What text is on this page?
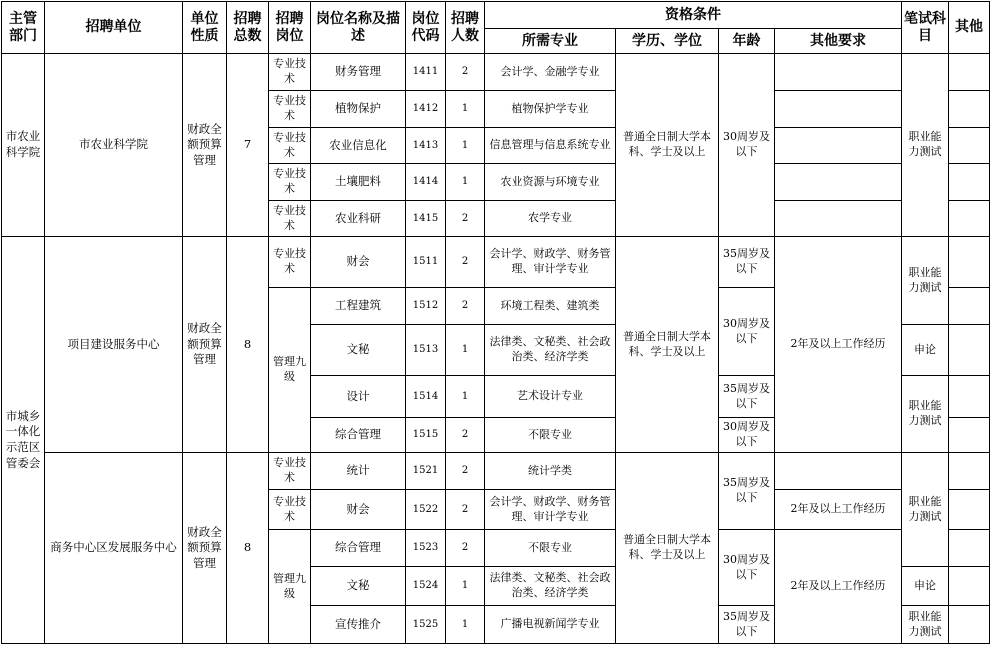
主管部门	招聘单位	单位性质	招聘总数	招聘岗位	岗位名称及描述	岗位代码	招聘人数	资格条件				笔试科目	其他
								所需专业	学历、学位	年龄	其他要求		
市农业科学院	市农业科学院	财政全额预算管理	7	专业技术	财务管理	1411	2	会计学、金融学专业	普通全日制大学本科、学士及以上	30周岁及以下		职业能力测试	
				专业技术	植物保护	1412	1	植物保护学专业					
				专业技术	农业信息化	1413	1	信息管理与信息系统专业					
				专业技术	土壤肥料	1414	1	农业资源与环境专业					
				专业技术	农业科研	1415	2	农学专业					
市城乡一体化示范区管委会	项目建设服务中心	财政全额预算管理	8	专业技术	财会	1511	2	会计学、财政学、财务管理、审计学专业	普通全日制大学本科、学士及以上	35周岁及以下	2年及以上工作经历	职业能力测试	
				管理九级	工程建筑	1512	2	环境工程类、建筑类		30周岁及以下			
					文秘	1513	1	法律类、文秘类、社会政治类、经济学类				申论	
					设计	1514	1	艺术设计专业		35周岁及以下		职业能力测试	
					综合管理	1515	2	不限专业		30周岁及以下			
	商务中心区发展服务中心	财政全额预算管理	8	专业技术	统计	1521	2	统计学类	普通全日制大学本科、学士及以上	35周岁及以下		职业能力测试	
				专业技术	财会	1522	2	会计学、财政学、财务管理、审计学专业			2年及以上工作经历		
				管理九级	综合管理	1523	2	不限专业		30周岁及以下	2年及以上工作经历		
					文秘	1524	1	法律类、文秘类、社会政治类、经济学类				申论	
					宣传推介	1525	1	广播电视新闻学专业		35周岁及以下		职业能力测试	
